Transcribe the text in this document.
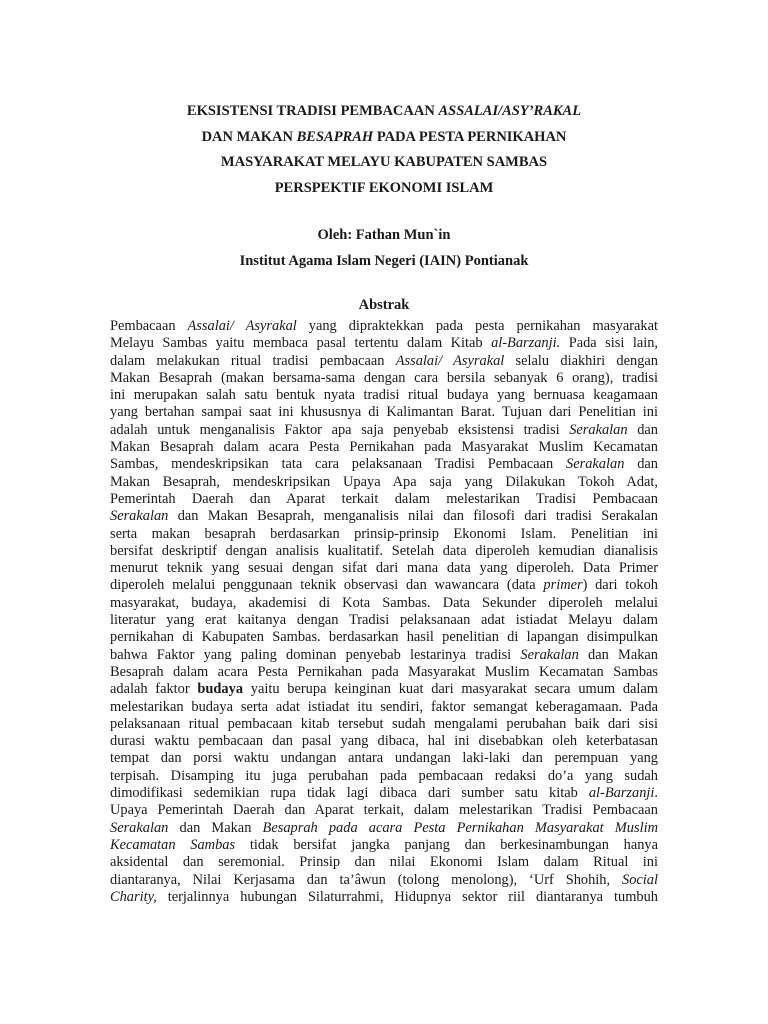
EKSISTENSI TRADISI PEMBACAAN ASSALAI/ASY’RAKAL
DAN MAKAN BESAPRAH PADA PESTA PERNIKAHAN
MASYARAKAT MELAYU KABUPATEN SAMBAS
PERSPEKTIF EKONOMI ISLAM
Oleh: Fathan Mun`in
Institut Agama Islam Negeri (IAIN) Pontianak
Abstrak
Pembacaan Assalai/ Asyrakal yang dipraktekkan pada pesta pernikahan masyarakat
Melayu Sambas yaitu membaca pasal tertentu dalam Kitab al-Barzanji. Pada sisi lain,
dalam melakukan ritual tradisi pembacaan Assalai/ Asyrakal selalu diakhiri dengan
Makan Besaprah (makan bersama-sama dengan cara bersila sebanyak 6 orang), tradisi
ini merupakan salah satu bentuk nyata tradisi ritual budaya yang bernuasa keagamaan
yang bertahan sampai saat ini khususnya di Kalimantan Barat. Tujuan dari Penelitian ini
adalah untuk menganalisis Faktor apa saja penyebab eksistensi tradisi Serakalan dan
Makan Besaprah dalam acara Pesta Pernikahan pada Masyarakat Muslim Kecamatan
Sambas, mendeskripsikan tata cara pelaksanaan Tradisi Pembacaan Serakalan dan
Makan Besaprah, mendeskripsikan Upaya Apa saja yang Dilakukan Tokoh Adat,
Pemerintah Daerah dan Aparat terkait dalam melestarikan Tradisi Pembacaan
Serakalan dan Makan Besaprah, menganalisis nilai dan filosofi dari tradisi Serakalan
serta makan besaprah berdasarkan prinsip-prinsip Ekonomi Islam. Penelitian ini
bersifat deskriptif dengan analisis kualitatif. Setelah data diperoleh kemudian dianalisis
menurut teknik yang sesuai dengan sifat dari mana data yang diperoleh. Data Primer
diperoleh melalui penggunaan teknik observasi dan wawancara (data primer) dari tokoh
masyarakat, budaya, akademisi di Kota Sambas. Data Sekunder diperoleh melalui
literatur yang erat kaitanya dengan Tradisi pelaksanaan adat istiadat Melayu dalam
pernikahan di Kabupaten Sambas. berdasarkan hasil penelitian di lapangan disimpulkan
bahwa Faktor yang paling dominan penyebab lestarinya tradisi Serakalan dan Makan
Besaprah dalam acara Pesta Pernikahan pada Masyarakat Muslim Kecamatan Sambas
adalah faktor budaya yaitu berupa keinginan kuat dari masyarakat secara umum dalam
melestarikan budaya serta adat istiadat itu sendiri, faktor semangat keberagamaan. Pada
pelaksanaan ritual pembacaan kitab tersebut sudah mengalami perubahan baik dari sisi
durasi waktu pembacaan dan pasal yang dibaca, hal ini disebabkan oleh keterbatasan
tempat dan porsi waktu undangan antara undangan laki-laki dan perempuan yang
terpisah. Disamping itu juga perubahan pada pembacaan redaksi do’a yang sudah
dimodifikasi sedemikian rupa tidak lagi dibaca dari sumber satu kitab al-Barzanji.
Upaya Pemerintah Daerah dan Aparat terkait, dalam melestarikan Tradisi Pembacaan
Serakalan dan Makan Besaprah pada acara Pesta Pernikahan Masyarakat Muslim
Kecamatan Sambas tidak bersifat jangka panjang dan berkesinambungan hanya
aksidental dan seremonial. Prinsip dan nilai Ekonomi Islam dalam Ritual ini
diantaranya, Nilai Kerjasama dan ta’âwun (tolong menolong), ‘Urf Shohih, Social
Charity, terjalinnya hubungan Silaturrahmi, Hidupnya sektor riil diantaranya tumbuh
